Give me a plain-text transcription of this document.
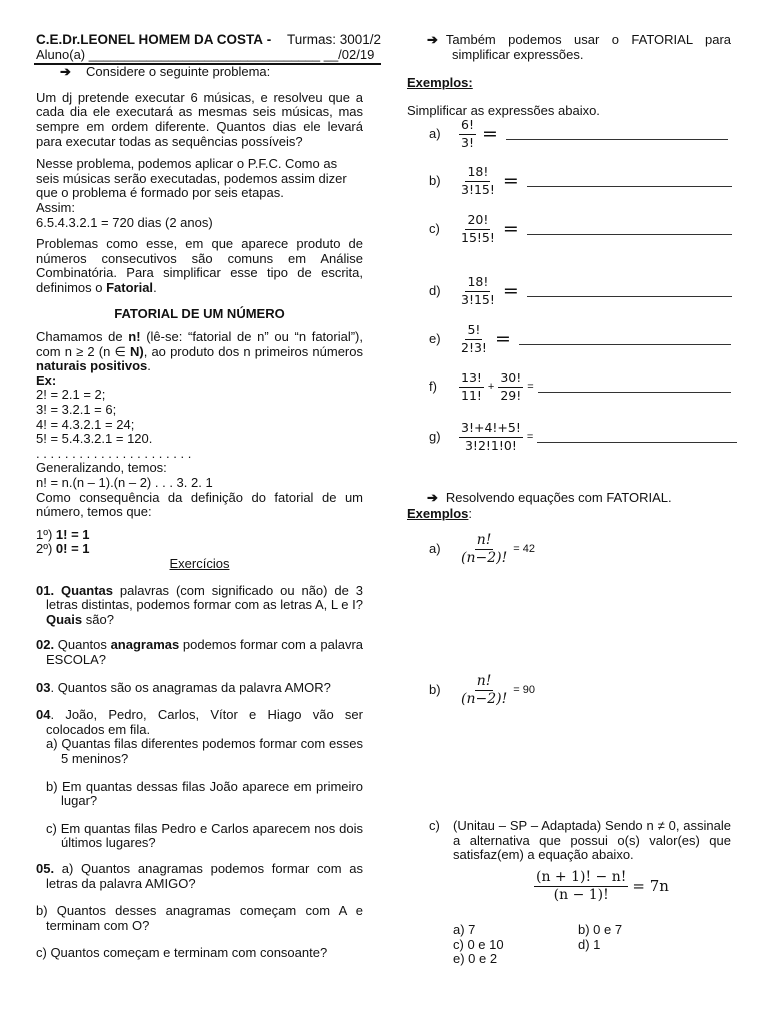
C.E.Dr.LEONEL HOMEM DA COSTA - Turmas: 3001/2
Aluno(a) ________________________________ __/02/19
➔ Considere o seguinte problema:
Um dj pretende executar 6 músicas, e resolveu que a cada dia ele executará as mesmas seis músicas, mas sempre em ordem diferente. Quantos dias ele levará para executar todas as sequências possíveis?
Nesse problema, podemos aplicar o P.F.C. Como as seis músicas serão executadas, podemos assim dizer que o problema é formado por seis etapas.
Assim:
6.5.4.3.2.1 = 720 dias (2 anos)
Problemas como esse, em que aparece produto de números consecutivos são comuns em Análise Combinatória. Para simplificar esse tipo de escrita, definimos o Fatorial.
FATORIAL DE UM NÚMERO
Chamamos de n! (lê-se: “fatorial de n” ou “n fatorial”), com n ≥ 2 (n ∈ N), ao produto dos n primeiros números naturais positivos.
Ex:
2! = 2.1 = 2;
3! = 3.2.1 = 6;
4! = 4.3.2.1 = 24;
5! = 5.4.3.2.1 = 120.
. . . . . . . . . . . . . . . . . . . . . .
Generalizando, temos:
n! = n.(n – 1).(n – 2) . . . 3. 2. 1
Como consequência da definição do fatorial de um número, temos que:
1º) 1! = 1
2º) 0! = 1
Exercícios
01. Quantas palavras (com significado ou não) de 3 letras distintas, podemos formar com as letras A, L e I? Quais são?
02. Quantos anagramas podemos formar com a palavra ESCOLA?
03. Quantos são os anagramas da palavra AMOR?
04. João, Pedro, Carlos, Vítor e Hiago vão ser colocados em fila.
a) Quantas filas diferentes podemos formar com esses 5 meninos?
b) Em quantas dessas filas João aparece em primeiro lugar?
c) Em quantas filas Pedro e Carlos aparecem nos dois últimos lugares?
05. a) Quantos anagramas podemos formar com as letras da palavra AMIGO?
b) Quantos desses anagramas começam com A e terminam com O?
c) Quantos começam e terminam com consoante?
➔ Também podemos usar o FATORIAL para simplificar expressões.
Exemplos:
Simplificar as expressões abaixo.
a)	$\frac{6!}{3!}$ =
b)	$\frac{18!}{3!15!}$ =
c)	$\frac{20!}{15!5!}$ =
d)	$\frac{18!}{3!15!}$ =
e)	$\frac{5!}{2!3!}$ =
f)	$\frac{13!}{11!} + \frac{30!}{29!}$ =
g)	$\frac{3!+4!+5!}{3!2!1!0!}$ =
➔ Resolvendo equações com FATORIAL.
Exemplos:
a)	$\frac{n!}{(n-2)!} = 42$
b)	$\frac{n!}{(n-2)!} = 90$
c) (Unitau – SP – Adaptada) Sendo n ≠ 0, assinale a alternativa que possui o(s) valor(es) que satisfaz(em) a equação abaixo.
$\frac{(n + 1)! - n!}{(n - 1)!} = 7n$
a) 7	b) 0 e 7
c) 0 e 10	d) 1
e) 0 e 2
